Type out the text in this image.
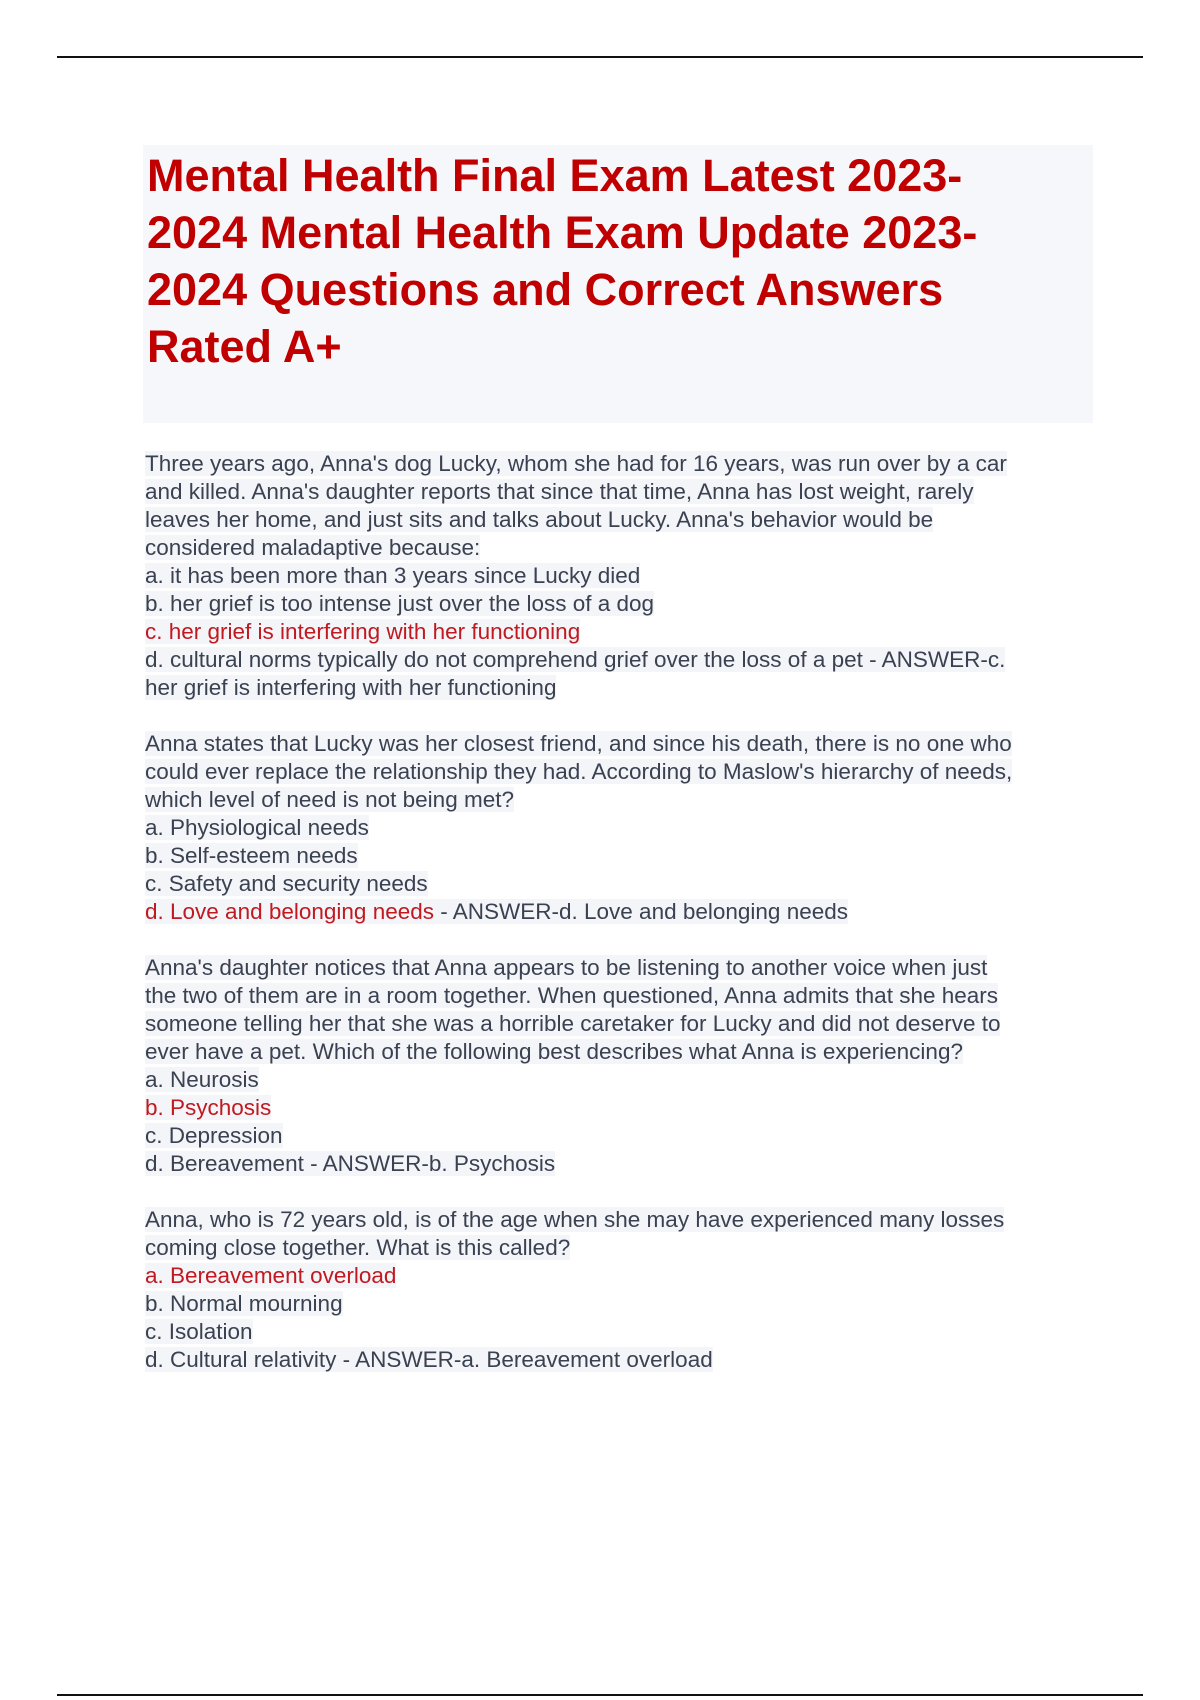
Mental Health Final Exam Latest 2023-
2024 Mental Health Exam Update 2023-
2024 Questions and Correct Answers
Rated A+
Three years ago, Anna's dog Lucky, whom she had for 16 years, was run over by a car
and killed. Anna's daughter reports that since that time, Anna has lost weight, rarely
leaves her home, and just sits and talks about Lucky. Anna's behavior would be
considered maladaptive because:
a. it has been more than 3 years since Lucky died
b. her grief is too intense just over the loss of a dog
c. her grief is interfering with her functioning
d. cultural norms typically do not comprehend grief over the loss of a pet - ANSWER-c.
her grief is interfering with her functioning
Anna states that Lucky was her closest friend, and since his death, there is no one who
could ever replace the relationship they had. According to Maslow's hierarchy of needs,
which level of need is not being met?
a. Physiological needs
b. Self-esteem needs
c. Safety and security needs
d. Love and belonging needs - ANSWER-d. Love and belonging needs
Anna's daughter notices that Anna appears to be listening to another voice when just
the two of them are in a room together. When questioned, Anna admits that she hears
someone telling her that she was a horrible caretaker for Lucky and did not deserve to
ever have a pet. Which of the following best describes what Anna is experiencing?
a. Neurosis
b. Psychosis
c. Depression
d. Bereavement - ANSWER-b. Psychosis
Anna, who is 72 years old, is of the age when she may have experienced many losses
coming close together. What is this called?
a. Bereavement overload
b. Normal mourning
c. Isolation
d. Cultural relativity - ANSWER-a. Bereavement overload
